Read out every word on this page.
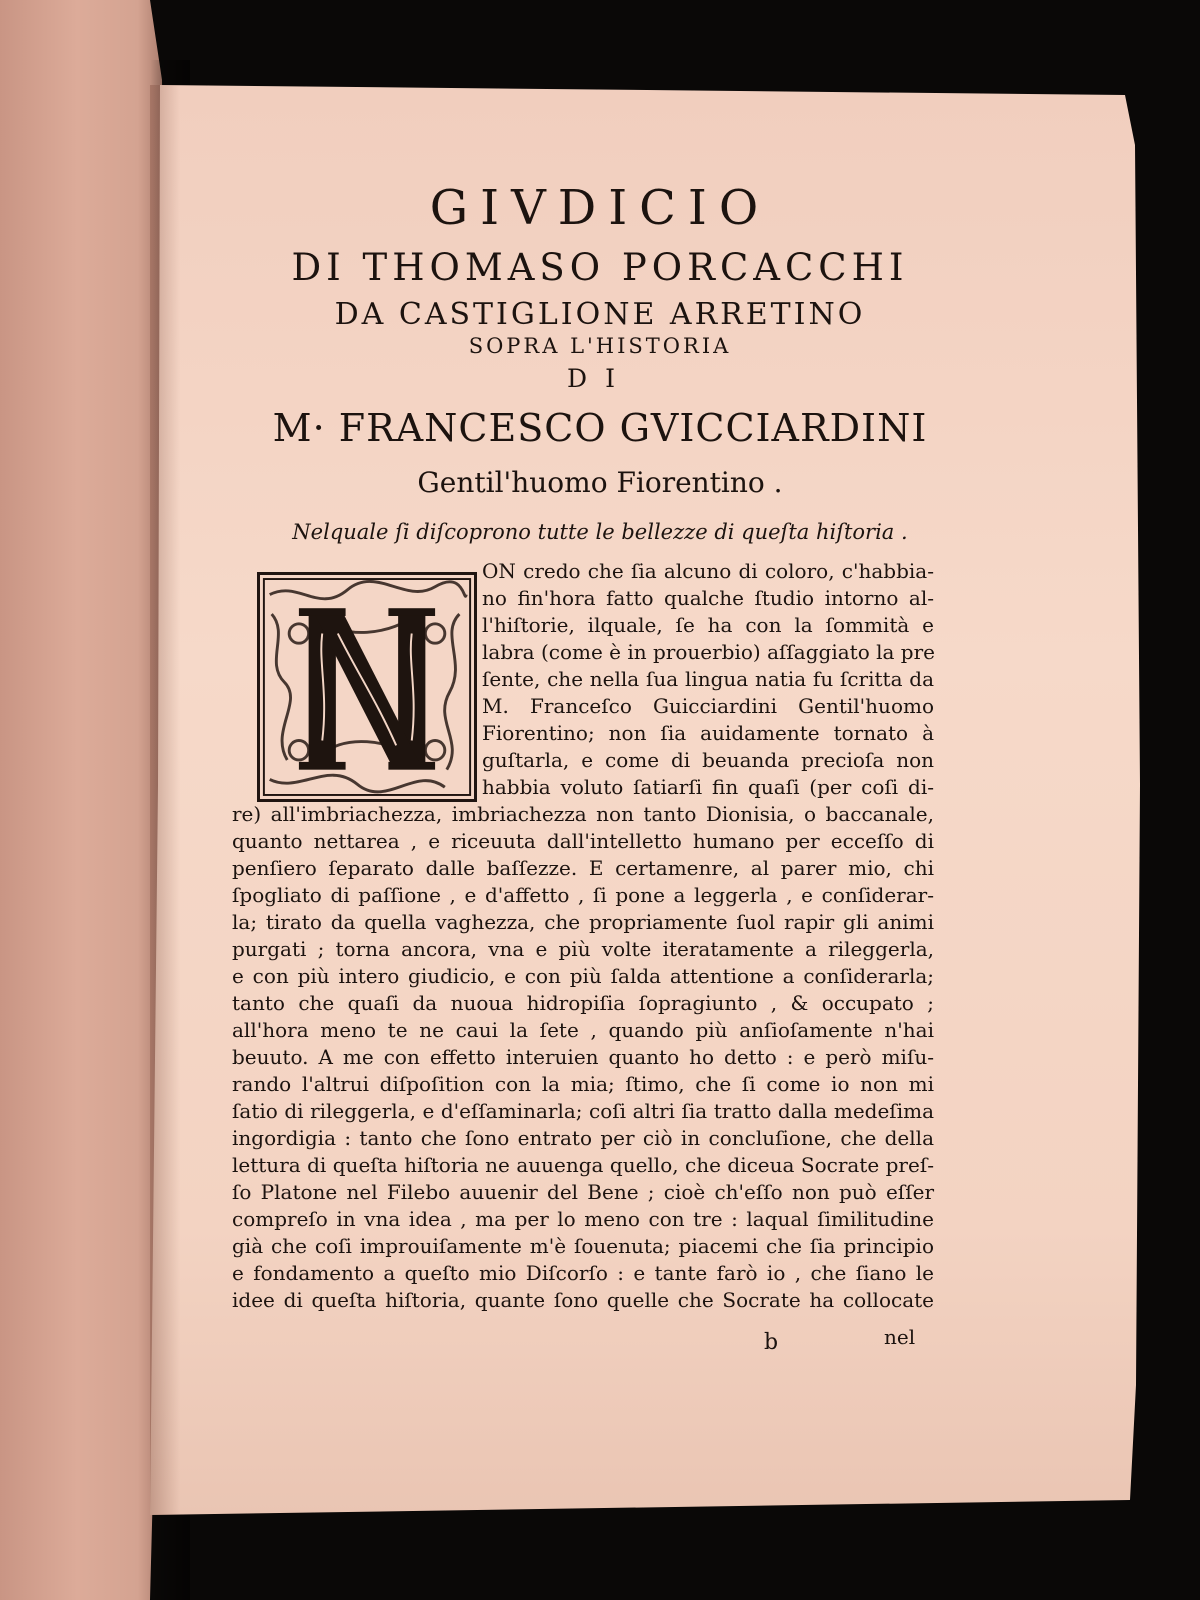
GIVDICIO
DI THOMASO PORCACCHI
DA CASTIGLIONE ARRETINO
SOPRA L'HISTORIA
DI
M· FRANCESCO GVICCIARDINI
Gentil'huomo Fiorentino .
Nelquale ſi diſcoprono tutte le bellezze di queſta hiſtoria .
ON credo che ſia alcuno di coloro, c'habbia-
no fin'hora fatto qualche ſtudio intorno al-
l'hiſtorie, ilquale, ſe ha con la ſommità e
labra (come è in prouerbio) aſſaggiato la pre
ſente, che nella ſua lingua natia fu ſcritta da
M. Franceſco Guicciardini Gentil'huomo
Fiorentino; non ſia auidamente tornato à
guſtarla, e come di beuanda precioſa non
habbia voluto ſatiarſi fin quaſi (per coſi di-
re) all'imbriachezza, imbriachezza non tanto Dionisia, o baccanale,
quanto nettarea , e riceuuta dall'intelletto humano per ecceſſo di
penſiero ſeparato dalle baſſezze. E certamenre, al parer mio, chi
ſpogliato di paſſione , e d'affetto , ſi pone a leggerla , e conſiderar-
la; tirato da quella vaghezza, che propriamente ſuol rapir gli animi
purgati ; torna ancora, vna e più volte iteratamente a rileggerla,
e con più intero giudicio, e con più ſalda attentione a conſiderarla;
tanto che quaſi da nuoua hidropiſia ſopragiunto , & occupato ;
all'hora meno te ne caui la ſete , quando più anſioſamente n'hai
beuuto. A me con effetto interuien quanto ho detto : e però miſu-
rando l'altrui diſpoſition con la mia; ſtimo, che ſi come io non mi
ſatio di rileggerla, e d'eſſaminarla; coſi altri ſia tratto dalla medeſima
ingordigia : tanto che ſono entrato per ciò in concluſione, che della
lettura di queſta hiſtoria ne auuenga quello, che diceua Socrate preſ-
ſo Platone nel Filebo auuenir del Bene ; cioè ch'eſſo non può eſſer
compreſo in vna idea , ma per lo meno con tre : laqual ſimilitudine
già che coſi improuiſamente m'è ſouenuta; piacemi che ſia principio
e fondamento a queſto mio Diſcorſo : e tante farò io , che ſiano le
idee di queſta hiſtoria, quante ſono quelle che Socrate ha collocate
b	nel
